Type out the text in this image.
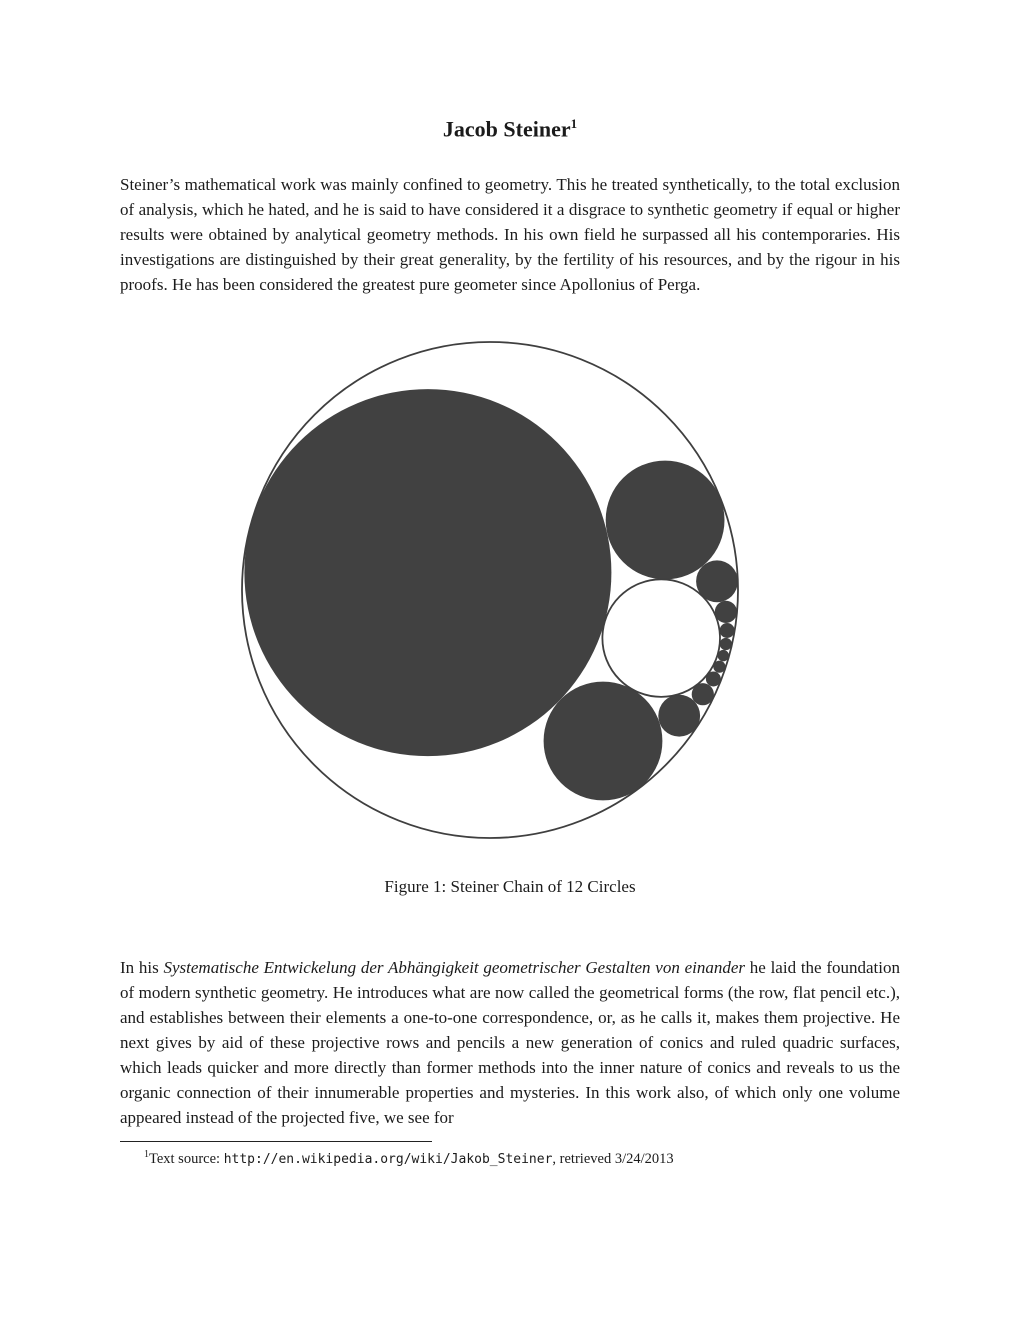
Jacob Steiner$^1$

Steiner’s mathematical work was mainly confined to geometry. This he treated synthetically, to the total exclusion of analysis, which he hated, and he is said to have considered it a disgrace to synthetic geometry if equal or higher results were obtained by analytical geometry methods. In his own field he surpassed all his contemporaries. His investigations are distinguished by their great generality, by the fertility of his resources, and by the rigour in his proofs. He has been considered the greatest pure geometer since Apollonius of Perga.

Figure 1: Steiner Chain of 12 Circles

In his Systematische Entwickelung der Abhängigkeit geometrischer Gestalten von einander he laid the foundation of modern synthetic geometry. He introduces what are now called the geometrical forms (the row, flat pencil etc.), and establishes between their elements a one-to-one correspondence, or, as he calls it, makes them projective. He next gives by aid of these projective rows and pencils a new generation of conics and ruled quadric surfaces, which leads quicker and more directly than former methods into the inner nature of conics and reveals to us the organic connection of their innumerable properties and mysteries. In this work also, of which only one volume appeared instead of the projected five, we see for

$^1$Text source: http://en.wikipedia.org/wiki/Jakob_Steiner, retrieved 3/24/2013
